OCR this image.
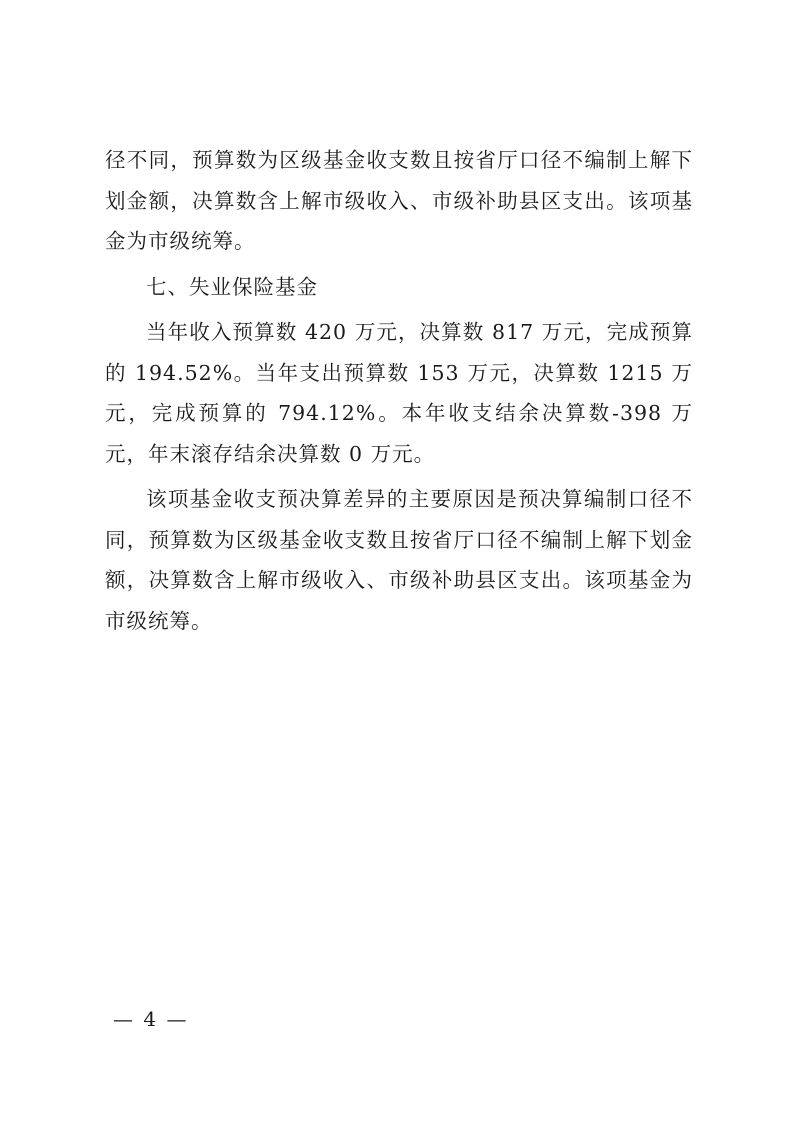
径不同，预算数为区级基金收支数且按省厅口径不编制上解下划金额，决算数含上解市级收入、市级补助县区支出。该项基金为市级统筹。

七、失业保险基金

当年收入预算数 420 万元，决算数 817 万元，完成预算的 194.52%。当年支出预算数 153 万元，决算数 1215 万元，完成预算的 794.12%。本年收支结余决算数-398 万元，年末滚存结余决算数 0 万元。

该项基金收支预决算差异的主要原因是预决算编制口径不同，预算数为区级基金收支数且按省厅口径不编制上解下划金额，决算数含上解市级收入、市级补助县区支出。该项基金为市级统筹。

— 4 —
